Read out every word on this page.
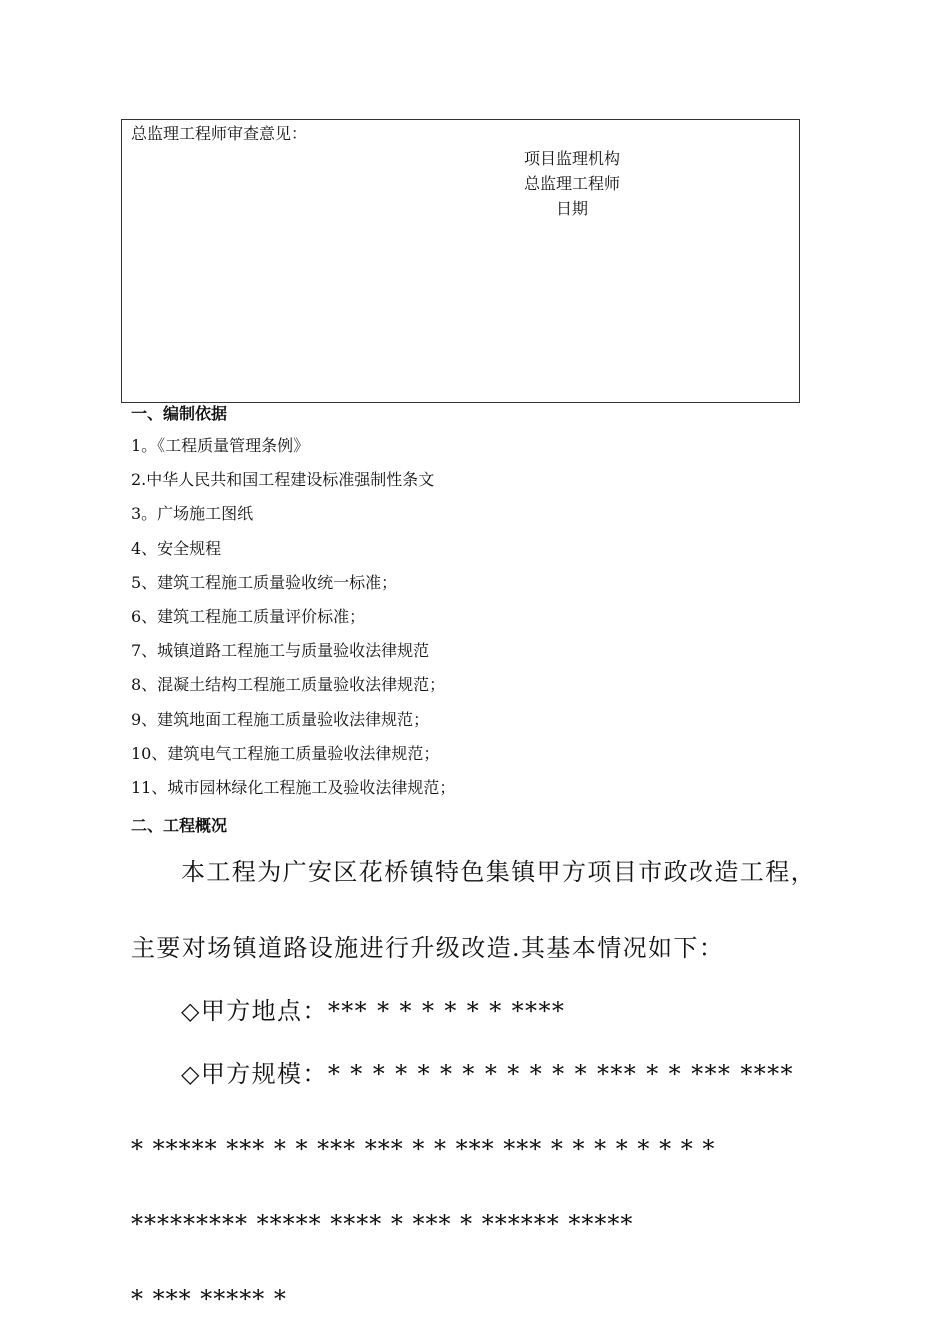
总监理工程师审查意见：
项目监理机构
总监理工程师
日期
一、编制依据
1。《工程质量管理条例》
2.中华人民共和国工程建设标准强制性条文
3。广场施工图纸
4、安全规程
5、建筑工程施工质量验收统一标准；
6、建筑工程施工质量评价标准；
7、城镇道路工程施工与质量验收法律规范
8、混凝土结构工程施工质量验收法律规范；
9、建筑地面工程施工质量验收法律规范；
10、建筑电气工程施工质量验收法律规范；
11、城市园林绿化工程施工及验收法律规范；
二、工程概况
本工程为广安区花桥镇特色集镇甲方项目市政改造工程，
主要对场镇道路设施进行升级改造.其基本情况如下：
◇甲方地点：*** * * * * * * ****
◇甲方规模：* * * * * * * * * * * * *** * * *** ****
* ***** *** * * *** *** * * *** *** * * * * * * * *
********* ***** **** * *** * ****** *****
* *** ***** *
